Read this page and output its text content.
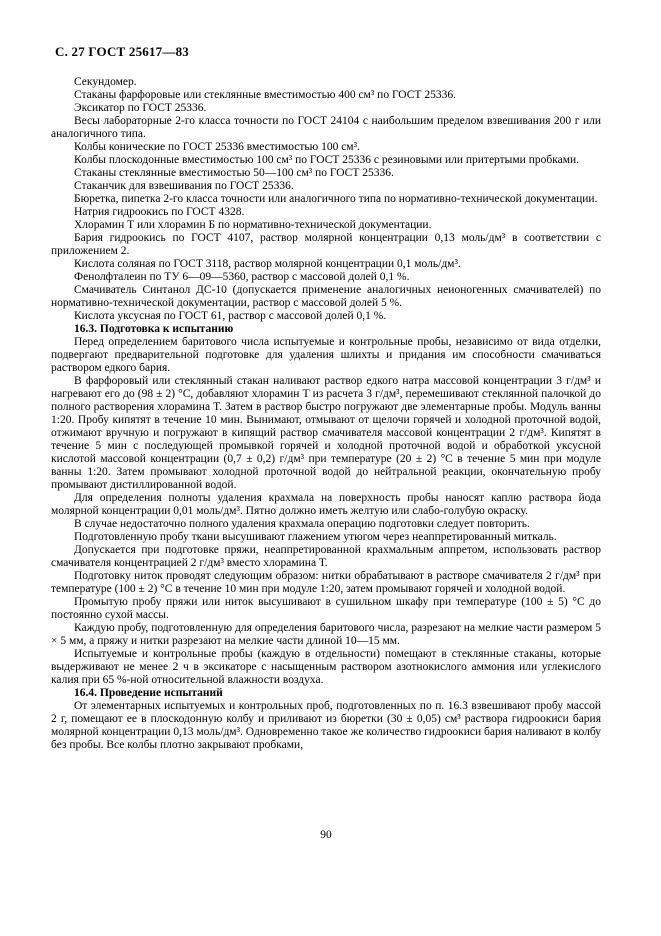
С. 27 ГОСТ 25617—83

Секундомер.

Стаканы фарфоровые или стеклянные вместимостью 400 см³ по ГОСТ 25336.

Эксикатор по ГОСТ 25336.

Весы лабораторные 2-го класса точности по ГОСТ 24104 с наибольшим пределом взвешивания 200 г или аналогичного типа.

Колбы конические по ГОСТ 25336 вместимостью 100 см³.

Колбы плоскодонные вместимостью 100 см³ по ГОСТ 25336 с резиновыми или притертыми пробками.

Стаканы стеклянные вместимостью 50—100 см³ по ГОСТ 25336.

Стаканчик для взвешивания по ГОСТ 25336.

Бюретка, пипетка 2-го класса точности или аналогичного типа по нормативно-технической документации.

Натрия гидроокись по ГОСТ 4328.

Хлорамин Т или хлорамин Б по нормативно-технической документации.

Бария гидроокись по ГОСТ 4107, раствор молярной концентрации 0,13 моль/дм³ в соответствии с приложением 2.

Кислота соляная по ГОСТ 3118, раствор молярной концентрации 0,1 моль/дм³.

Фенолфталеин по ТУ 6—09—5360, раствор с массовой долей 0,1 %.

Смачиватель Синтанол ДС-10 (допускается применение аналогичных неионогенных смачивателей) по нормативно-технической документации, раствор с массовой долей 5 %.

Кислота уксусная по ГОСТ 61, раствор с массовой долей 0,1 %.

16.3. Подготовка к испытанию

Перед определением баритового числа испытуемые и контрольные пробы, независимо от вида отделки, подвергают предварительной подготовке для удаления шлихты и придания им способности смачиваться раствором едкого бария.

В фарфоровый или стеклянный стакан наливают раствор едкого натра массовой концентрации 3 г/дм³ и нагревают его до (98 ± 2) °С, добавляют хлорамин Т из расчета 3 г/дм³, перемешивают стеклянной палочкой до полного растворения хлорамина Т. Затем в раствор быстро погружают две элементарные пробы. Модуль ванны 1:20. Пробу кипятят в течение 10 мин. Вынимают, отмывают от щелочи горячей и холодной проточной водой, отжимают вручную и погружают в кипящий раствор смачивателя массовой концентрации 2 г/дм³. Кипятят в течение 5 мин с последующей промывкой горячей и холодной проточной водой и обработкой уксусной кислотой массовой концентрации (0,7 ± 0,2) г/дм³ при температуре (20 ± 2) °С в течение 5 мин при модуле ванны 1:20. Затем промывают холодной проточной водой до нейтральной реакции, окончательную пробу промывают дистиллированной водой.

Для определения полноты удаления крахмала на поверхность пробы наносят каплю раствора йода молярной концентрации 0,01 моль/дм³. Пятно должно иметь желтую или слабо-голубую окраску.

В случае недостаточно полного удаления крахмала операцию подготовки следует повторить.

Подготовленную пробу ткани высушивают глажением утюгом через неаппретированный миткаль.

Допускается при подготовке пряжи, неаппретированной крахмальным аппретом, использовать раствор смачивателя концентрацией 2 г/дм³ вместо хлорамина Т.

Подготовку ниток проводят следующим образом: нитки обрабатывают в растворе смачивателя 2 г/дм³ при температуре (100 ± 2) °С в течение 10 мин при модуле 1:20, затем промывают горячей и холодной водой.

Промытую пробу пряжи или ниток высушивают в сушильном шкафу при температуре (100 ± 5) °С до постоянно сухой массы.

Каждую пробу, подготовленную для определения баритового числа, разрезают на мелкие части размером 5 × 5 мм, а пряжу и нитки разрезают на мелкие части длиной 10—15 мм.

Испытуемые и контрольные пробы (каждую в отдельности) помещают в стеклянные стаканы, которые выдерживают не менее 2 ч в эксикаторе с насыщенным раствором азотнокислого аммония или углекислого калия при 65 %-ной относительной влажности воздуха.

16.4. Проведение испытаний

От элементарных испытуемых и контрольных проб, подготовленных по п. 16.3 взвешивают пробу массой 2 г, помещают ее в плоскодонную колбу и приливают из бюретки (30 ± 0,05) см³ раствора гидроокиси бария молярной концентрации 0,13 моль/дм³. Одновременно такое же количество гидроокиси бария наливают в колбу без пробы. Все колбы плотно закрывают пробками,

90
